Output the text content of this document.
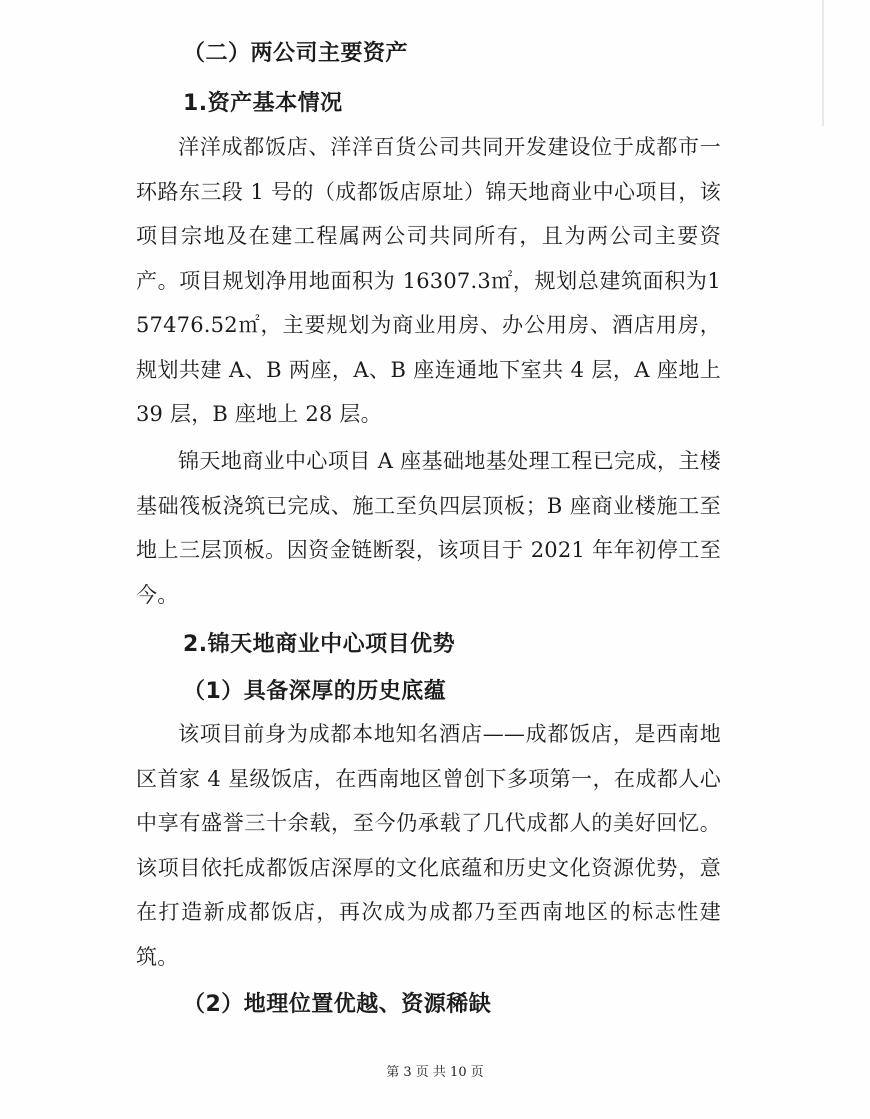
（二）两公司主要资产
1.资产基本情况

洋洋成都饭店、洋洋百货公司共同开发建设位于成都市一环路东三段 1 号的（成都饭店原址）锦天地商业中心项目，该项目宗地及在建工程属两公司共同所有，且为两公司主要资产。项目规划净用地面积为 16307.3㎡，规划总建筑面积为157476.52㎡，主要规划为商业用房、办公用房、酒店用房，规划共建 A、B 两座，A、B 座连通地下室共 4 层，A 座地上39 层，B 座地上 28 层。

锦天地商业中心项目 A 座基础地基处理工程已完成，主楼基础筏板浇筑已完成、施工至负四层顶板；B 座商业楼施工至地上三层顶板。因资金链断裂，该项目于 2021 年年初停工至今。

2.锦天地商业中心项目优势
（1）具备深厚的历史底蕴

该项目前身为成都本地知名酒店——成都饭店，是西南地区首家 4 星级饭店，在西南地区曾创下多项第一，在成都人心中享有盛誉三十余载，至今仍承载了几代成都人的美好回忆。该项目依托成都饭店深厚的文化底蕴和历史文化资源优势，意在打造新成都饭店，再次成为成都乃至西南地区的标志性建筑。

（2）地理位置优越、资源稀缺
第 3 页 共 10 页
